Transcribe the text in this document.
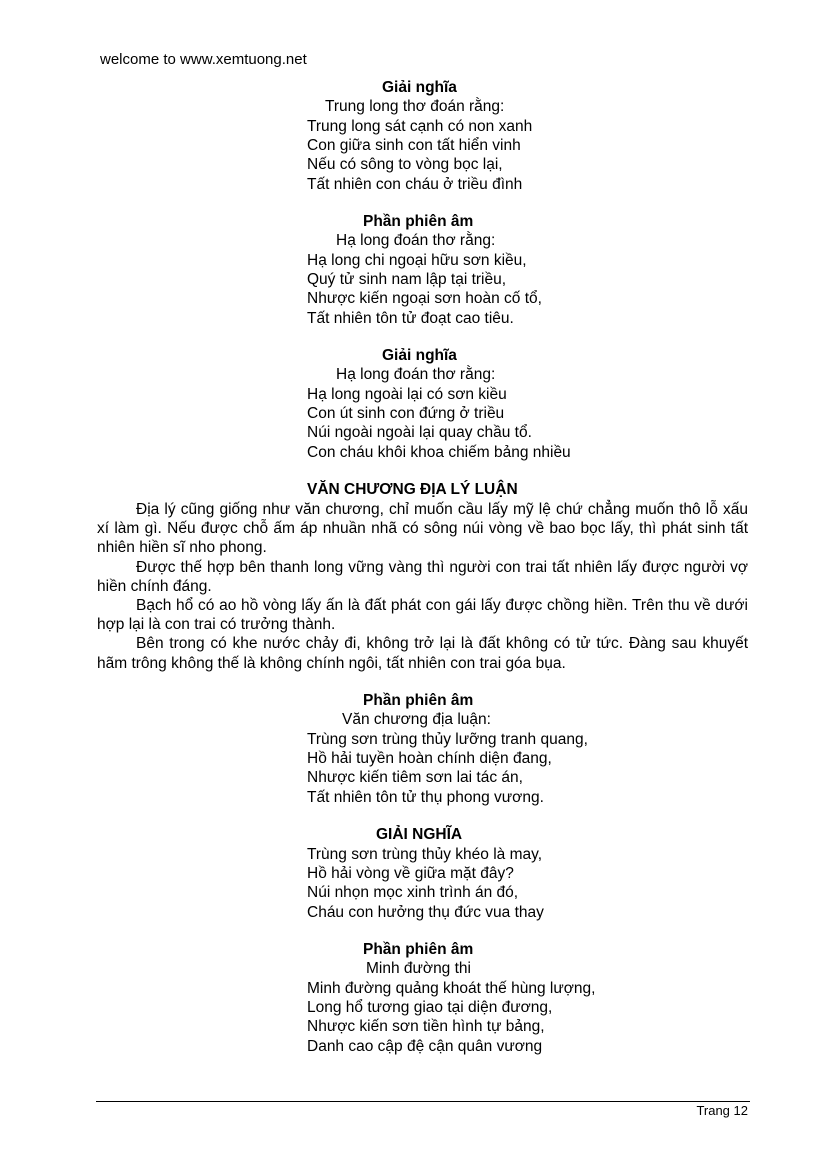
welcome to www.xemtuong.net
Giải nghĩa
Trung long thơ đoán rằng:
Trung long sát cạnh có non xanh
Con giữa sinh con tất hiển vinh
Nếu có sông to vòng bọc lại,
Tất nhiên con cháu ở triều đình
Phần phiên âm
Hạ long đoán thơ rằng:
Hạ long chi ngoại hữu sơn kiều,
Quý tử sinh nam lập tại triều,
Nhược kiến ngoại sơn hoàn cố tổ,
Tất nhiên tôn tử đoạt cao tiêu.
Giải nghĩa
Hạ long đoán thơ rằng:
Hạ long ngoài lại có sơn kiều
Con út sinh con đứng ở triều
Núi ngoài ngoài lại quay chầu tổ.
Con cháu khôi khoa chiếm bảng nhiều
VĂN CHƯƠNG ĐỊA LÝ LUẬN

Địa lý cũng giống như văn chương, chỉ muốn cầu lấy mỹ lệ chứ chẳng muốn thô lỗ xấu xí làm gì. Nếu được chỗ ấm áp nhuần nhã có sông núi vòng về bao bọc lấy, thì phát sinh tất nhiên hiền sĩ nho phong.

Được thế hợp bên thanh long vững vàng thì người con trai tất nhiên lấy được người vợ hiền chính đáng.

Bạch hổ có ao hồ vòng lấy ấn là đất phát con gái lấy được chồng hiền. Trên thu về dưới hợp lại là con trai có trưởng thành.

Bên trong có khe nước chảy đi, không trở lại là đất không có tử tức. Đàng sau khuyết hãm trông không thế là không chính ngôi, tất nhiên con trai góa bụa.

Phần phiên âm
Văn chương địa luận:
Trùng sơn trùng thủy lưỡng tranh quang,
Hồ hải tuyền hoàn chính diện đang,
Nhược kiến tiêm sơn lai tác án,
Tất nhiên tôn tử thụ phong vương.
GIẢI NGHĨA
Trùng sơn trùng thủy khéo là may,
Hồ hải vòng về giữa mặt đây?
Núi nhọn mọc xinh trình án đó,
Cháu con hưởng thụ đức vua thay
Phần phiên âm
Minh đường thi
Minh đường quảng khoát thế hùng lượng,
Long hổ tương giao tại diện đương,
Nhược kiến sơn tiền hình tự bảng,
Danh cao cập đệ cận quân vương
Trang 12
